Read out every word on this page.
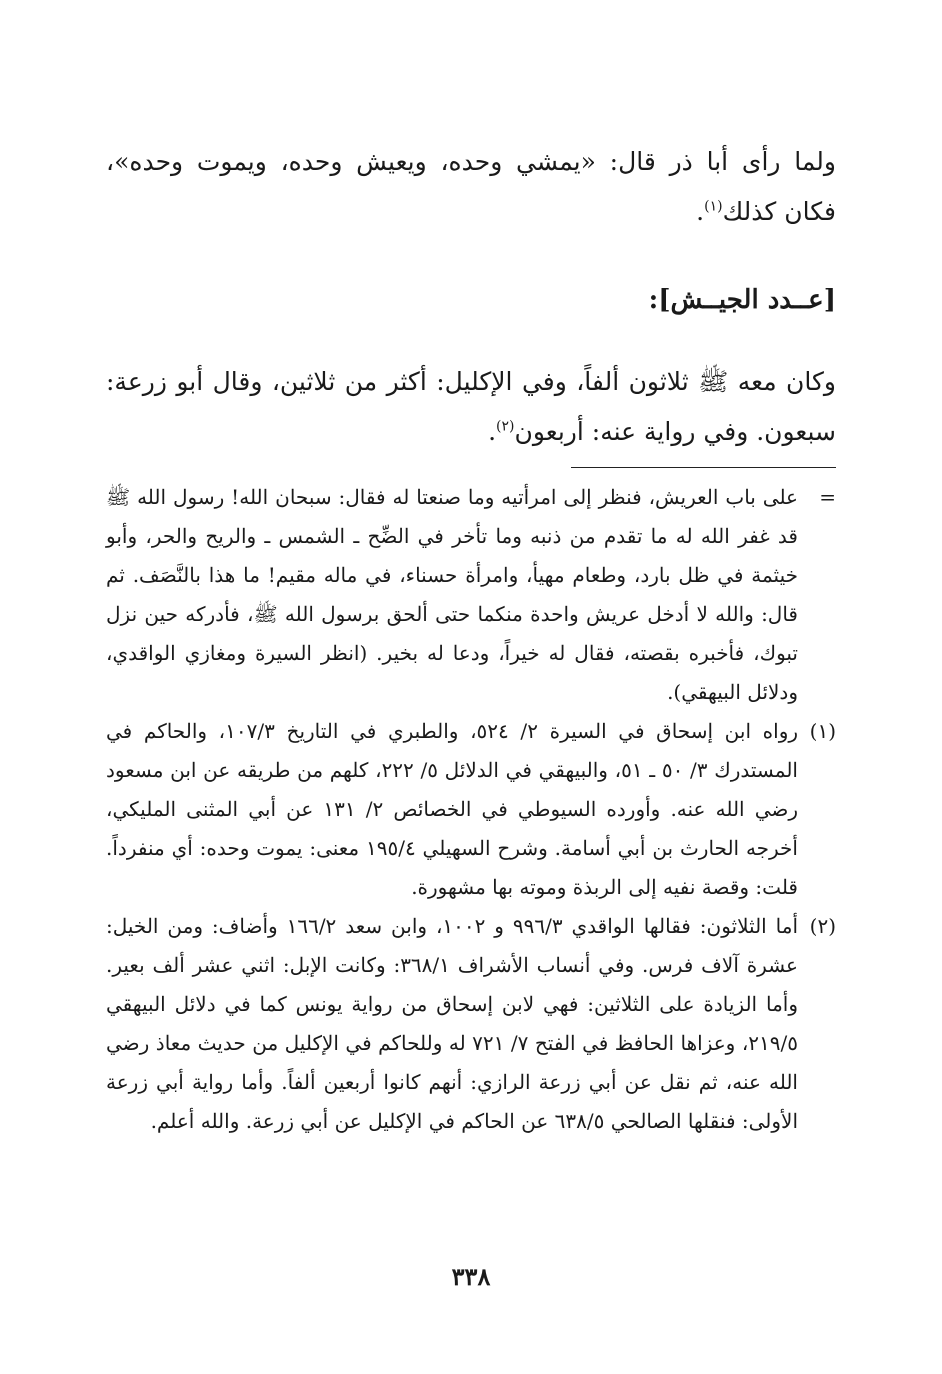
ولما رأى أبا ذر قال: «يمشي وحده، ويعيش وحده، ويموت وحده»، فكان كذلك$^{(١)}$.

[عــدد الجيــش]:

وكان معه ﷺ ثلاثون ألفاً، وفي الإكليل: أكثر من ثلاثين، وقال أبو زرعة: سبعون. وفي رواية عنه: أربعون$^{(٢)}$.

=
على باب العريش، فنظر إلى امرأتيه وما صنعتا له فقال: سبحان الله! رسول الله ﷺ قد غفر الله له ما تقدم من ذنبه وما تأخر في الضِّح ـ الشمس ـ والريح والحر، وأبو خيثمة في ظل بارد، وطعام مهيأ، وامرأة حسناء، في ماله مقيم! ما هذا بالنَّصَف. ثم قال: والله لا أدخل عريش واحدة منكما حتى ألحق برسول الله ﷺ، فأدركه حين نزل تبوك، فأخبره بقصته، فقال له خيراً، ودعا له بخير. (انظر السيرة ومغازي الواقدي، ودلائل البيهقي).
(١)
رواه ابن إسحاق في السيرة ٢/ ٥٢٤، والطبري في التاريخ ١٠٧/٣، والحاكم في المستدرك ٣/ ٥٠ ـ ٥١، والبيهقي في الدلائل ٥/ ٢٢٢، كلهم من طريقه عن ابن مسعود رضي الله عنه. وأورده السيوطي في الخصائص ٢/ ١٣١ عن أبي المثنى المليكي، أخرجه الحارث بن أبي أسامة. وشرح السهيلي ١٩٥/٤ معنى: يموت وحده: أي منفرداً. قلت: وقصة نفيه إلى الربذة وموته بها مشهورة.
(٢)
أما الثلاثون: فقالها الواقدي ٩٩٦/٣ و ١٠٠٢، وابن سعد ١٦٦/٢ وأضاف: ومن الخيل: عشرة آلاف فرس. وفي أنساب الأشراف ٣٦٨/١: وكانت الإبل: اثني عشر ألف بعير. وأما الزيادة على الثلاثين: فهي لابن إسحاق من رواية يونس كما في دلائل البيهقي ٢١٩/٥، وعزاها الحافظ في الفتح ٧/ ٧٢١ له وللحاكم في الإكليل من حديث معاذ رضي الله عنه، ثم نقل عن أبي زرعة الرازي: أنهم كانوا أربعين ألفاً. وأما رواية أبي زرعة الأولى: فنقلها الصالحي ٦٣٨/٥ عن الحاكم في الإكليل عن أبي زرعة. والله أعلم.
٣٣٨
